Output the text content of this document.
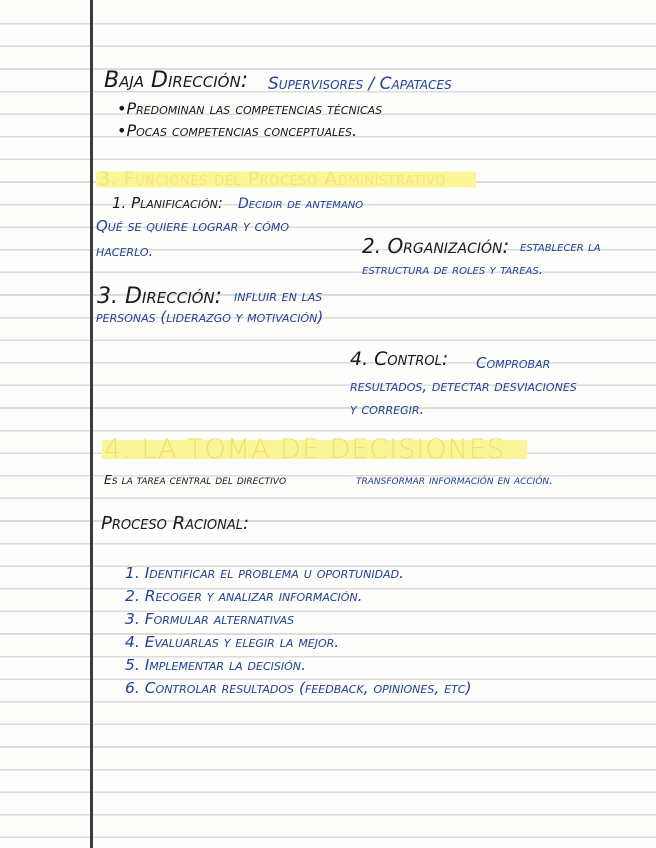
Baja Dirección: Supervisores / Capataces
•Predominan las competencias técnicas
•Pocas competencias conceptuales.
3. Funciones del Proceso Administrativo
1. Planificación: Decidir de antemano
Qué se quiere lograr y cómo
hacerlo.	2. Organización: establecer la
estructura de roles y tareas.
3. Dirección: influir en las
personas (liderazgo y motivación)
4. Control: Comprobar
resultados, detectar desviaciones
y corregir.
4. LA TOMA DE DECISIONES
Es la tarea central del directivo	transformar información en acción.
Proceso Racional:
1. Identificar el problema u oportunidad.
2. Recoger y analizar información.
3. Formular alternativas
4. Evaluarlas y elegir la mejor.
5. Implementar la decisión.
6. Controlar resultados (feedback, opiniones, etc)
